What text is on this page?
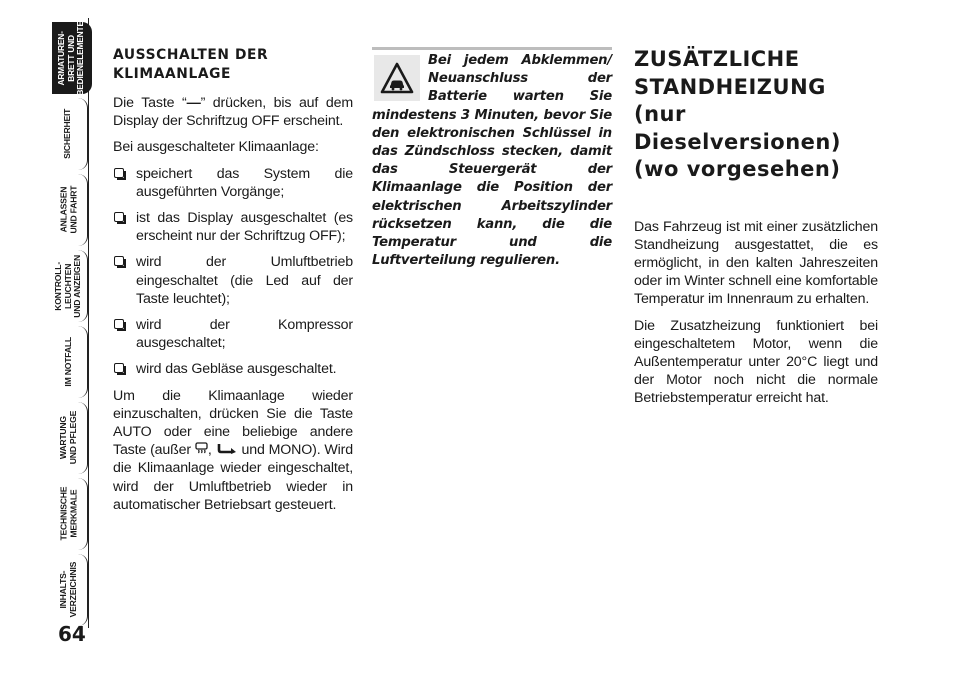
ARMATUREN-
BRETT UND
BEDIENELEMENTE
SICHERHEIT
ANLASSEN
UND FAHRT
KONTROLL-
LEUCHTEN
UND ANZEIGEN
IM NOTFALL
WARTUNG
UND PFLEGE
TECHNISCHE
MERKMALE
INHALTS-
VERZEICHNIS
64
AUSSCHALTEN DER KLIMAANLAGE

Die Taste “—” drücken, bis auf dem Display der Schriftzug OFF erscheint.

Bei ausgeschalteter Klimaanlage:

speichert das System die ausgeführten Vorgänge;
ist das Display ausgeschaltet (es erscheint nur der Schriftzug OFF);
wird der Umluftbetrieb eingeschaltet (die Led auf der Taste leuchtet);
wird der Kompressor ausgeschaltet;
wird das Gebläse ausgeschaltet.

Um die Klimaanlage wieder einzuschalten, drücken Sie die Taste AUTO oder eine beliebige andere Taste (außer ,  und MONO). Wird die Klimaanlage wieder eingeschaltet, wird der Umluftbetrieb wieder in automatischer Betriebsart gesteuert.

Bei jedem Abklemmen/ Neuanschluss der Batterie warten Sie mindestens 3 Minuten, bevor Sie den elektronischen Schlüssel in das Zündschloss stecken, damit das Steuergerät der Klimaanlage die Position der elektrischen Arbeitszylinder rücksetzen kann, die die Temperatur und die Luftverteilung regulieren.
ZUSÄTZLICHE
STANDHEIZUNG
(nur Dieselversionen)
(wo vorgesehen)

Das Fahrzeug ist mit einer zusätzlichen Standheizung ausgestattet, die es ermöglicht, in den kalten Jahreszeiten oder im Winter schnell eine komfortable Temperatur im Innenraum zu erhalten.

Die Zusatzheizung funktioniert bei eingeschaltetem Motor, wenn die Außentemperatur unter 20°C liegt und der Motor noch nicht die normale Betriebstemperatur erreicht hat.
